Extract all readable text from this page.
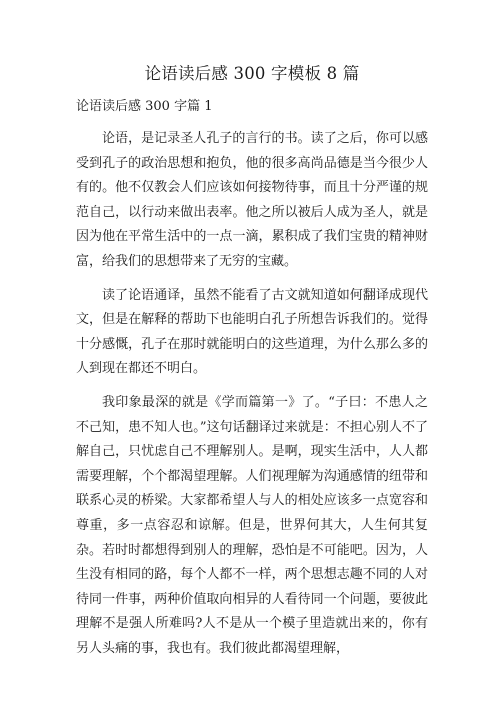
论语读后感 300 字模板 8 篇
论语读后感 300 字篇 1

论语，是记录圣人孔子的言行的书。读了之后，你可以感受到孔子的政治思想和抱负，他的很多高尚品德是当今很少人有的。他不仅教会人们应该如何接物待事，而且十分严谨的规范自己，以行动来做出表率。他之所以被后人成为圣人，就是因为他在平常生活中的一点一滴，累积成了我们宝贵的精神财富，给我们的思想带来了无穷的宝藏。

读了论语通译，虽然不能看了古文就知道如何翻译成现代文，但是在解释的帮助下也能明白孔子所想告诉我们的。觉得十分感慨，孔子在那时就能明白的这些道理，为什么那么多的人到现在都还不明白。

我印象最深的就是《学而篇第一》了。“子曰：不患人之不己知，患不知人也。”这句话翻译过来就是：不担心别人不了解自己，只忧虑自己不理解别人。是啊，现实生活中，人人都需要理解，个个都渴望理解。人们视理解为沟通感情的纽带和联系心灵的桥梁。大家都希望人与人的相处应该多一点宽容和尊重，多一点容忍和谅解。但是，世界何其大，人生何其复杂。若时时都想得到别人的理解，恐怕是不可能吧。因为，人生没有相同的路，每个人都不一样，两个思想志趣不同的人对待同一件事，两种价值取向相异的人看待同一个问题，要彼此理解不是强人所难吗?人不是从一个模子里造就出来的，你有另人头痛的事，我也有。我们彼此都渴望理解，
